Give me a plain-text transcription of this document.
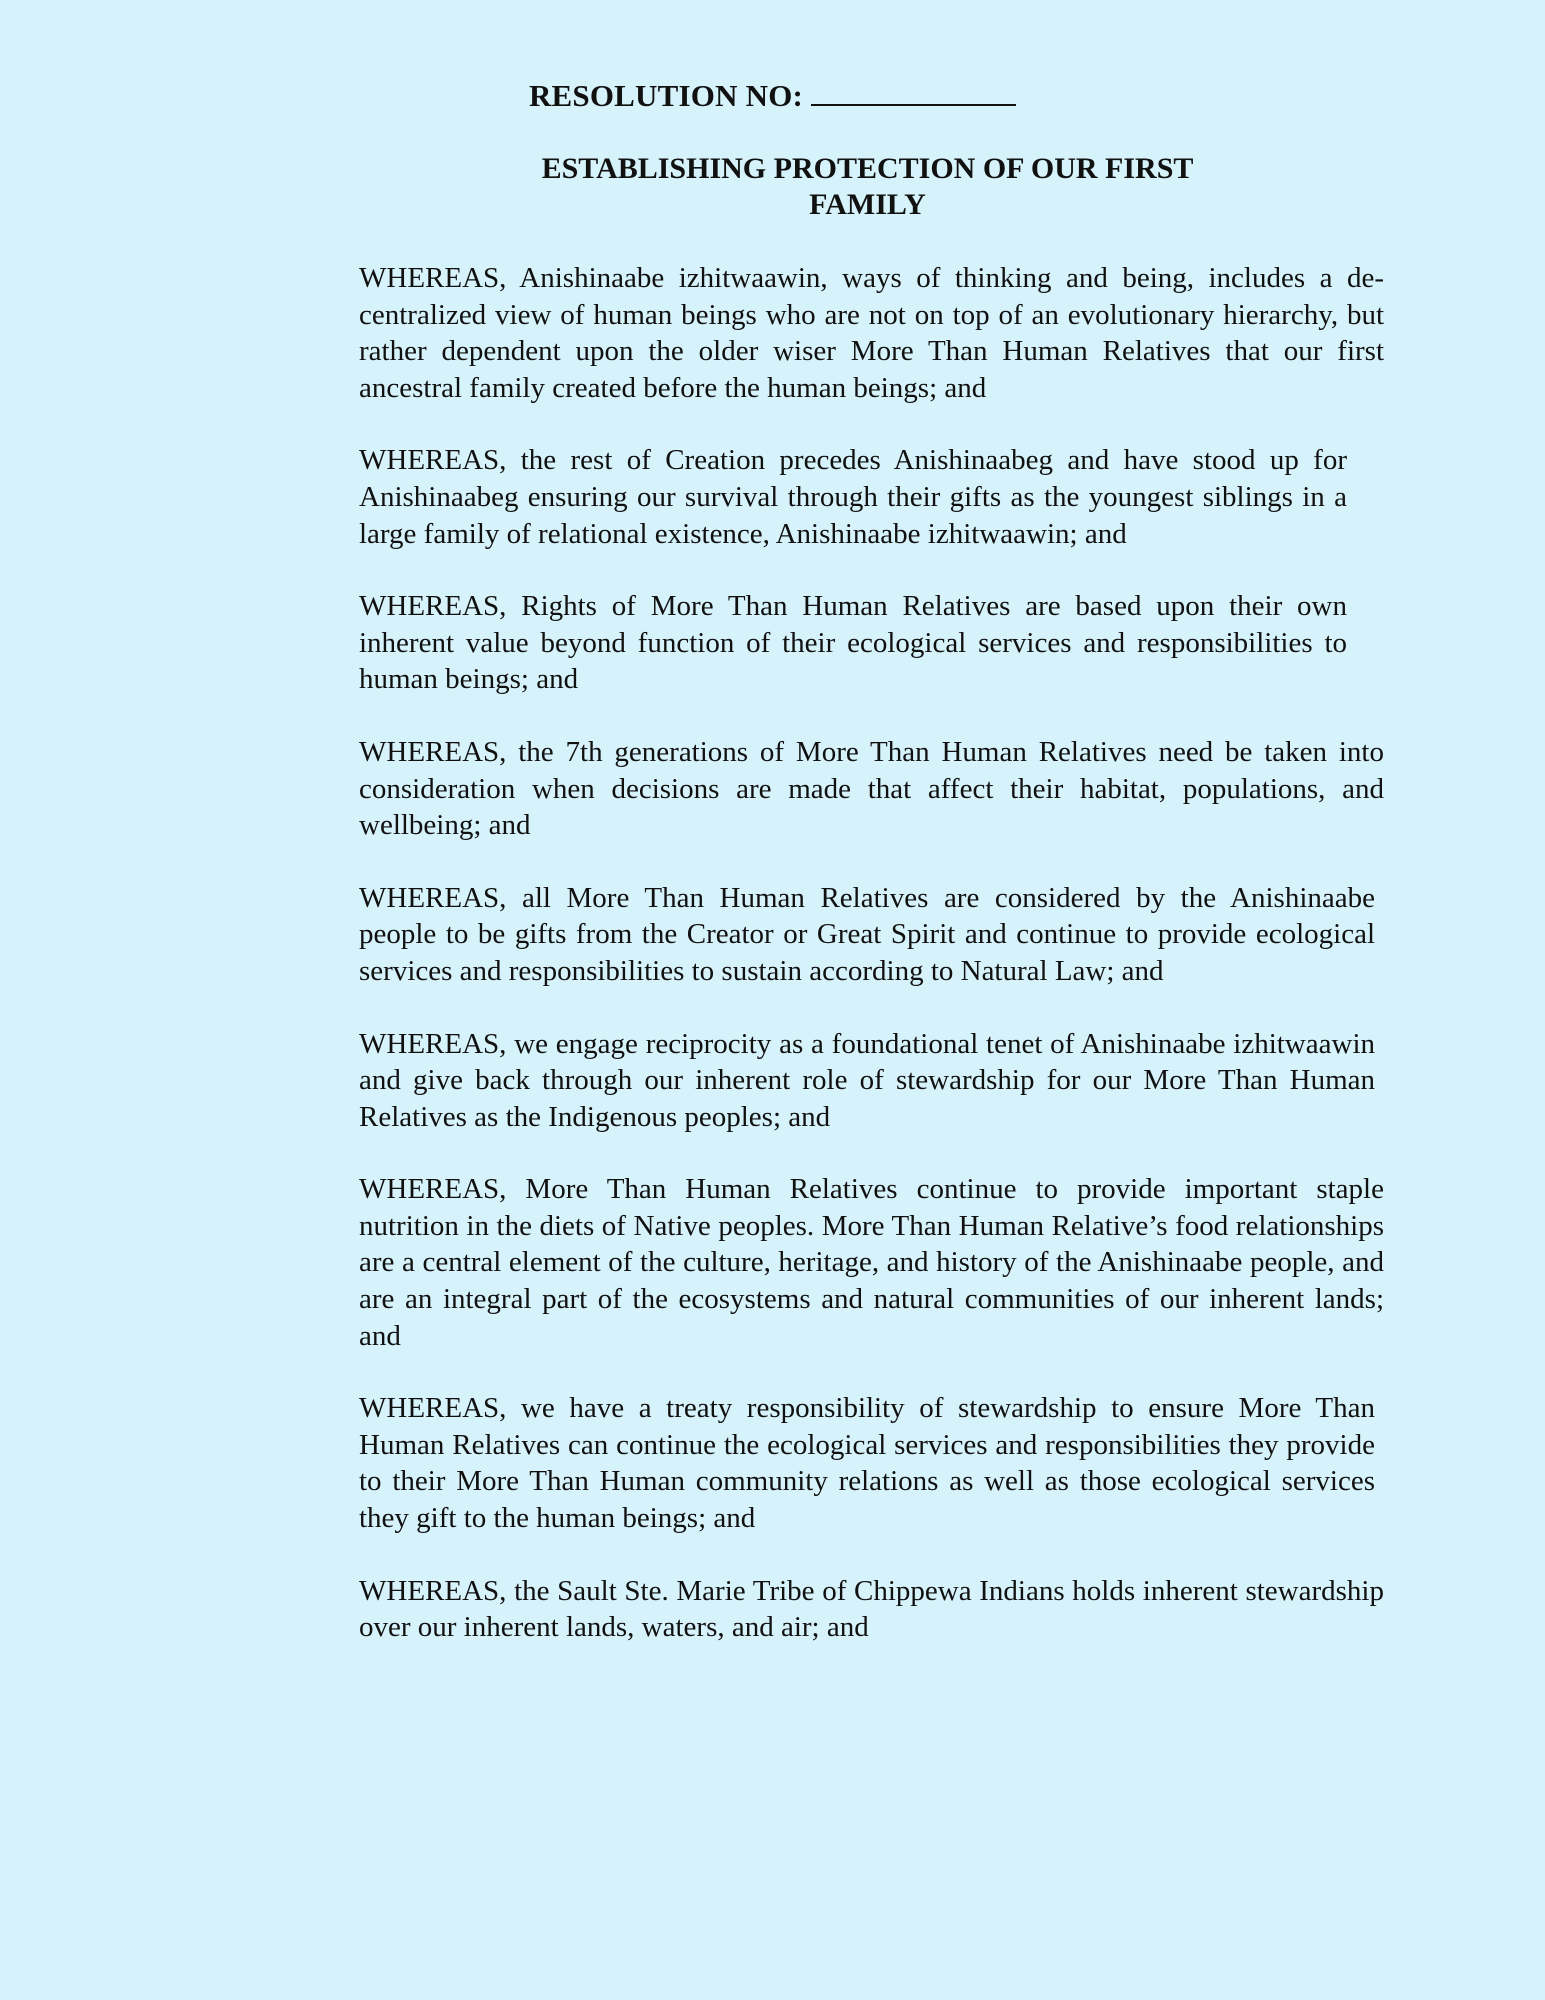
RESOLUTION NO:
ESTABLISHING PROTECTION OF OUR FIRST
FAMILY

WHEREAS, Anishinaabe izhitwaawin, ways of thinking and being, includes a de-centralized view of human beings who are not on top of an evolutionary hierarchy, but rather dependent upon the older wiser More Than Human Relatives that our first ancestral family created before the human beings; and

WHEREAS, the rest of Creation precedes Anishinaabeg and have stood up for Anishinaabeg ensuring our survival through their gifts as the youngest siblings in a large family of relational existence, Anishinaabe izhitwaawin; and

WHEREAS, Rights of More Than Human Relatives are based upon their own inherent value beyond function of their ecological services and responsibilities to human beings; and

WHEREAS, the 7th generations of More Than Human Relatives need be taken into consideration when decisions are made that affect their habitat, populations, and wellbeing; and

WHEREAS, all More Than Human Relatives are considered by the Anishinaabe people to be gifts from the Creator or Great Spirit and continue to provide ecological services and responsibilities to sustain according to Natural Law; and

WHEREAS, we engage reciprocity as a foundational tenet of Anishinaabe izhitwaawin and give back through our inherent role of stewardship for our More Than Human Relatives as the Indigenous peoples; and

WHEREAS, More Than Human Relatives continue to provide important staple nutrition in the diets of Native peoples. More Than Human Relative’s food relationships are a central element of the culture, heritage, and history of the Anishinaabe people, and are an integral part of the ecosystems and natural communities of our inherent lands; and

WHEREAS, we have a treaty responsibility of stewardship to ensure More Than Human Relatives can continue the ecological services and responsibilities they provide to their More Than Human community relations as well as those ecological services they gift to the human beings; and

WHEREAS, the Sault Ste. Marie Tribe of Chippewa Indians holds inherent stewardship over our inherent lands, waters, and air; and
